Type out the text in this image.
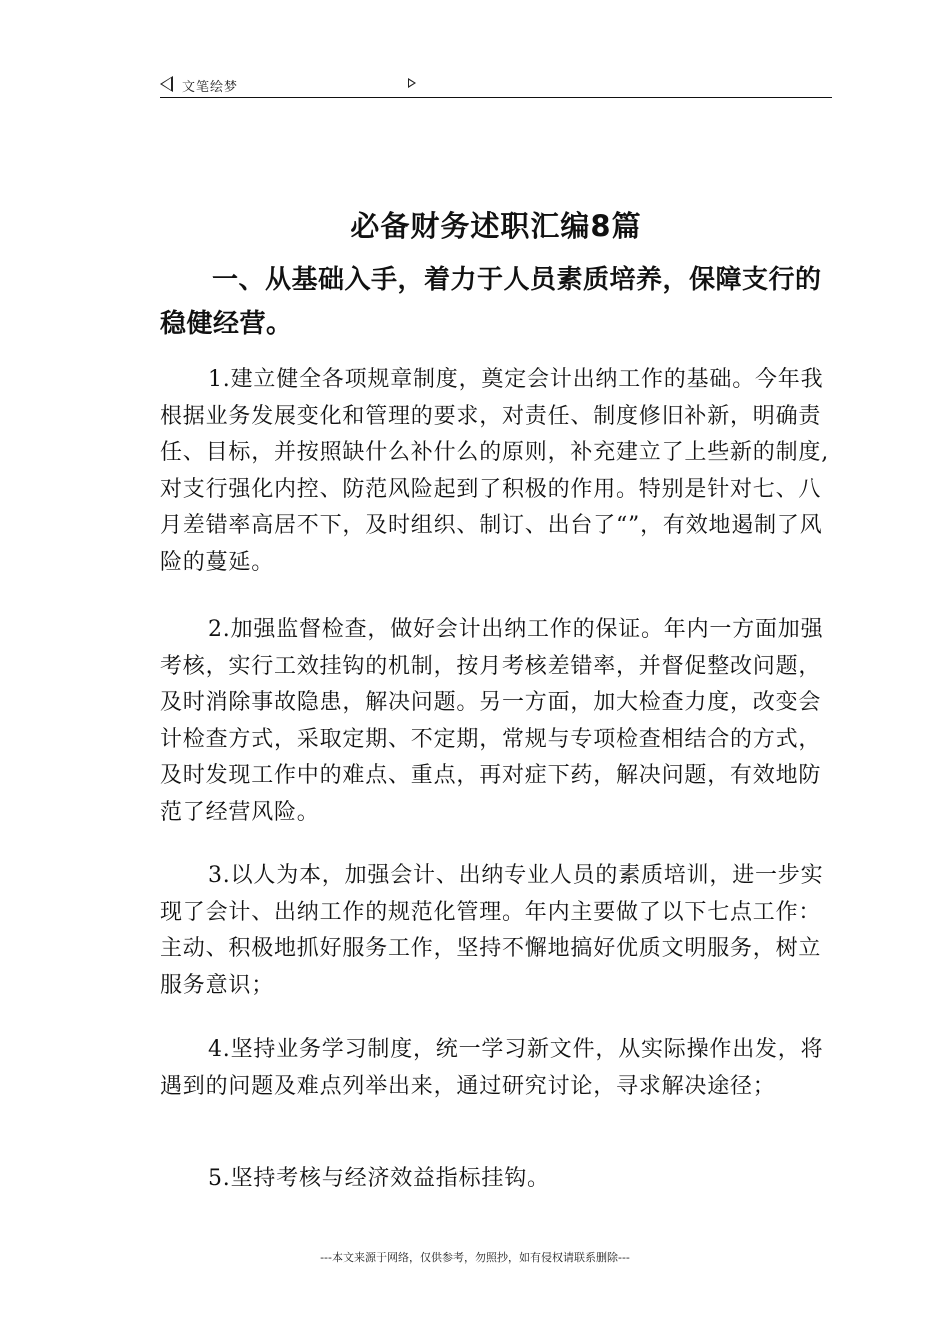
文笔绘梦
必备财务述职汇编8篇
一、从基础入手，着力于人员素质培养，保障支行的稳健经营。
1.建立健全各项规章制度，奠定会计出纳工作的基础。今年我根据业务发展变化和管理的要求，对责任、制度修旧补新，明确责任、目标，并按照缺什么补什么的原则，补充建立了上些新的制度,对支行强化内控、防范风险起到了积极的作用。特别是针对七、八月差错率高居不下，及时组织、制订、出台了“”，有效地遏制了风险的蔓延。
2.加强监督检查，做好会计出纳工作的保证。年内一方面加强考核，实行工效挂钩的机制，按月考核差错率，并督促整改问题，及时消除事故隐患，解决问题。另一方面，加大检查力度，改变会计检查方式，采取定期、不定期，常规与专项检查相结合的方式，及时发现工作中的难点、重点，再对症下药，解决问题，有效地防范了经营风险。
3.以人为本，加强会计、出纳专业人员的素质培训，进一步实现了会计、出纳工作的规范化管理。年内主要做了以下七点工作：主动、积极地抓好服务工作，坚持不懈地搞好优质文明服务，树立服务意识；
4.坚持业务学习制度，统一学习新文件，从实际操作出发，将遇到的问题及难点列举出来，通过研究讨论，寻求解决途径；
5.坚持考核与经济效益指标挂钩。
---本文来源于网络，仅供参考，勿照抄，如有侵权请联系删除---
